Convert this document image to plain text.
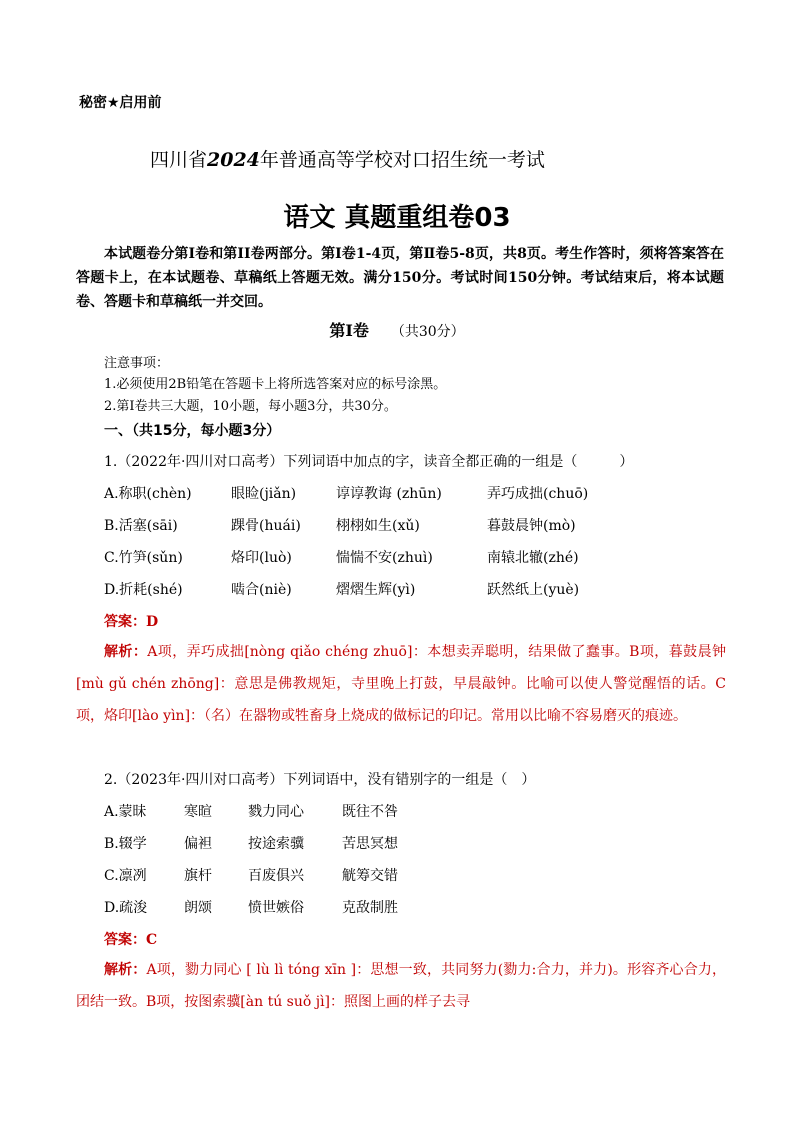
秘密★启用前
四川省2024年普通高等学校对口招生统一考试
语文 真题重组卷03
本试题卷分第Ⅰ卷和第ⅠⅠ卷两部分。第Ⅰ卷1-4页，第Ⅱ卷5-8页，共8页。考生作答时，须将答案答在答题卡上，在本试题卷、草稿纸上答题无效。满分150分。考试时间150分钟。考试结束后，将本试题卷、答题卡和草稿纸一并交回。
第Ⅰ卷 （共30分）
注意事项：
1.必须使用2B铅笔在答题卡上将所选答案对应的标号涂黑。
2.第Ⅰ卷共三大题，10小题，每小题3分，共30分。
一、（共15分，每小题3分）
1.（2022年·四川对口高考）下列词语中加点的字，读音全都正确的一组是（　　　）
A.称职(chèn)	眼睑(jiǎn)	谆谆教诲 (zhūn)	弄巧成拙(chuō)
B.活塞(sāi)	踝骨(huái)	栩栩如生(xǔ)	暮鼓晨钟(mò)
C.竹笋(sǔn)	烙印(luò)	惴惴不安(zhuì)	南辕北辙(zhé)
D.折耗(shé)	啮合(niè)	熠熠生辉(yì)	跃然纸上(yuè)
答案：D
解析：A项，弄巧成拙[nòng qiǎo chéng zhuō]：本想卖弄聪明，结果做了蠢事。B项，暮鼓晨钟[mù gǔ chén zhōng]：意思是佛教规矩，寺里晚上打鼓，早晨敲钟。比喻可以使人警觉醒悟的话。C项，烙印[lào yìn]：（名）在器物或牲畜身上烧成的做标记的印记。常用以比喻不容易磨灭的痕迹。
2.（2023年·四川对口高考）下列词语中，没有错别字的一组是（　）
A.蒙昧	寒暄	戮力同心	既往不咎
B.辍学	偏袒	按途索骥	苦思冥想
C.凛冽	旗杆	百废俱兴	觥筹交错
D.疏浚	朗颂	愤世嫉俗	克敌制胜
答案：C
解析：A项，勠力同心 [ lù lì tóng xīn ]：思想一致，共同努力(勠力:合力，并力)。形容齐心合力，团结一致。B项，按图索骥[àn tú suǒ jì]：照图上画的样子去寻
